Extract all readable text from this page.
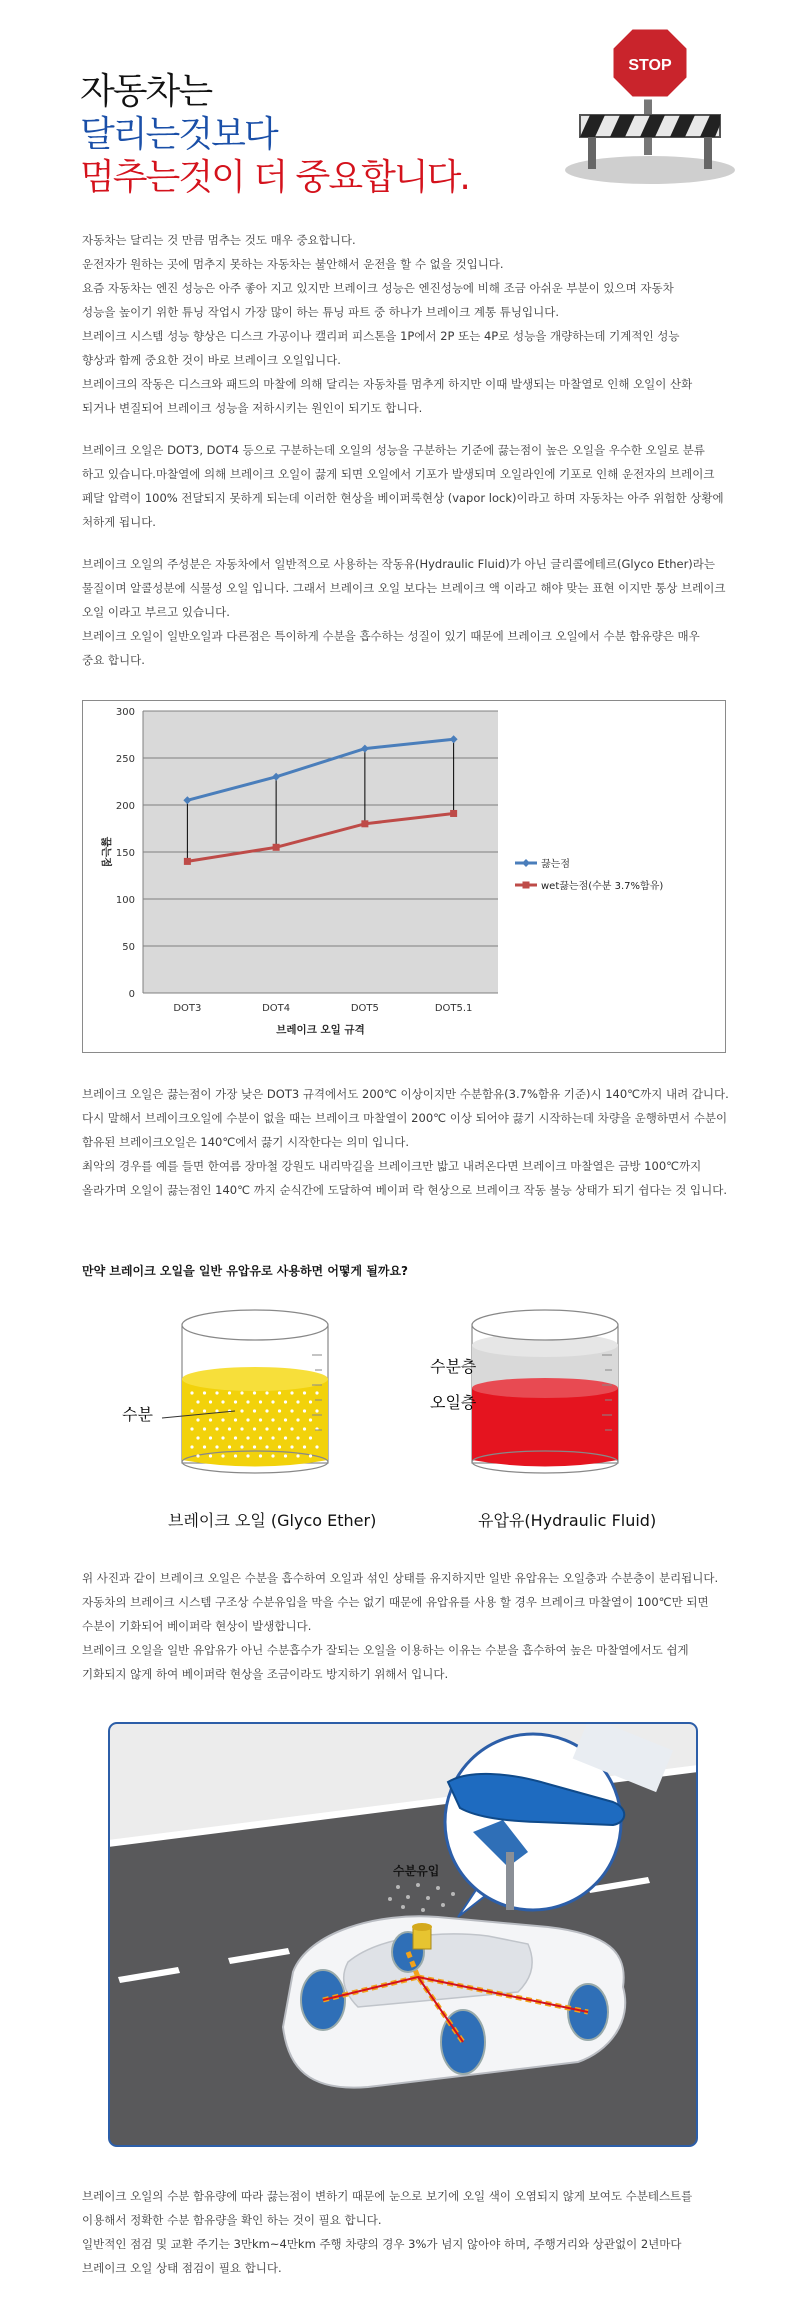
자동차는
달리는것보다
멈추는것이 더 중요합니다.
STOP
자동차는 달리는 것 만큼 멈추는 것도 매우 중요합니다.
운전자가 원하는 곳에 멈추지 못하는 자동차는 불안해서 운전을 할 수 없을 것입니다.
요즘 자동차는 엔진 성능은 아주 좋아 지고 있지만 브레이크 성능은 엔진성능에 비해 조금 아쉬운 부분이 있으며 자동차
성능을 높이기 위한 튜닝 작업시 가장 많이 하는 튜닝 파트 중 하나가 브레이크 계통 튜닝입니다.
브레이크 시스템 성능 향상은 디스크 가공이나 캘리퍼 피스톤을 1P에서 2P 또는 4P로 성능을 개량하는데 기계적인 성능
향상과 함께 중요한 것이 바로 브레이크 오일입니다.
브레이크의 작동은 디스크와 패드의 마찰에 의해 달리는 자동차를 멈추게 하지만 이때 발생되는 마찰열로 인해 오일이 산화
되거나 변질되어 브레이크 성능을 저하시키는 원인이 되기도 합니다.
브레이크 오일은 DOT3, DOT4 등으로 구분하는데 오일의 성능을 구분하는 기준에 끓는점이 높은 오일을 우수한 오일로 분류
하고 있습니다.마찰열에 의해 브레이크 오일이 끓게 되면 오일에서 기포가 발생되며 오일라인에 기포로 인해 운전자의 브레이크
페달 압력이 100% 전달되지 못하게 되는데 이러한 현상을 베이퍼룩현상 (vapor lock)이라고 하며 자동차는 아주 위험한 상황에
처하게 됩니다.
브레이크 오일의 주성분은 자동차에서 일반적으로 사용하는 작동유(Hydraulic Fluid)가 아닌 글리콜에테르(Glyco Ether)라는
물질이며 알콜성분에 식물성 오일 입니다. 그래서 브레이크 오일 보다는 브레이크 액 이라고 해야 맞는 표현 이지만 통상 브레이크
오일 이라고 부르고 있습니다.
브레이크 오일이 일반오일과 다른점은 특이하게 수분을 흡수하는 성질이 있기 때문에 브레이크 오일에서 수분 함유량은 매우
중요 합니다.
0
50
100
150
200
250
300
DOT3	DOT4	DOT5	DOT5.1
브레이크 오일 규격
끓는점	끓는점
wet끓는점(수분 3.7%함유)
브레이크 오일은 끓는점이 가장 낮은 DOT3 규격에서도 200℃ 이상이지만 수분함유(3.7%함유 기준)시 140℃까지 내려 갑니다.
다시 말해서 브레이크오일에 수분이 없을 때는 브레이크 마찰열이 200℃ 이상 되어야 끓기 시작하는데 차량을 운행하면서 수분이
함유된 브레이크오일은 140℃에서 끓기 시작한다는 의미 입니다.
최악의 경우를 예를 들면 한여름 장마철 강원도 내리막길을 브레이크만 밟고 내려온다면 브레이크 마찰열은 금방 100℃까지
올라가며 오일이 끓는점인 140℃ 까지 순식간에 도달하여 베이퍼 락 현상으로 브레이크 작동 불능 상태가 되기 쉽다는 것 입니다.
만약 브레이크 오일을 일반 유압유로 사용하면 어떻게 될까요?
수분
수분층
오일층
브레이크 오일 (Glyco Ether)	유압유(Hydraulic Fluid)
위 사진과 같이 브레이크 오일은 수분을 흡수하여 오일과 섞인 상태를 유지하지만 일반 유압유는 오일층과 수분층이 분리됩니다.
자동차의 브레이크 시스템 구조상 수분유입을 막을 수는 없기 때문에 유압유를 사용 할 경우 브레이크 마찰열이 100℃만 되면
수분이 기화되어 베이퍼락 현상이 발생합니다.
브레이크 오일을 일반 유압유가 아닌 수분흡수가 잘되는 오일을 이용하는 이유는 수분을 흡수하여 높은 마찰열에서도 쉽게
기화되지 않게 하여 베이퍼락 현상을 조금이라도 방지하기 위해서 입니다.
수분유입
브레이크 오일의 수분 함유량에 따라 끓는점이 변하기 때문에 눈으로 보기에 오일 색이 오염되지 않게 보여도 수분테스트를
이용해서 정확한 수분 함유량을 확인 하는 것이 필요 합니다.
일반적인 점검 및 교환 주기는 3만km~4만km 주행 차량의 경우 3%가 넘지 않아야 하며, 주행거리와 상관없이 2년마다
브레이크 오일 상태 점검이 필요 합니다.
